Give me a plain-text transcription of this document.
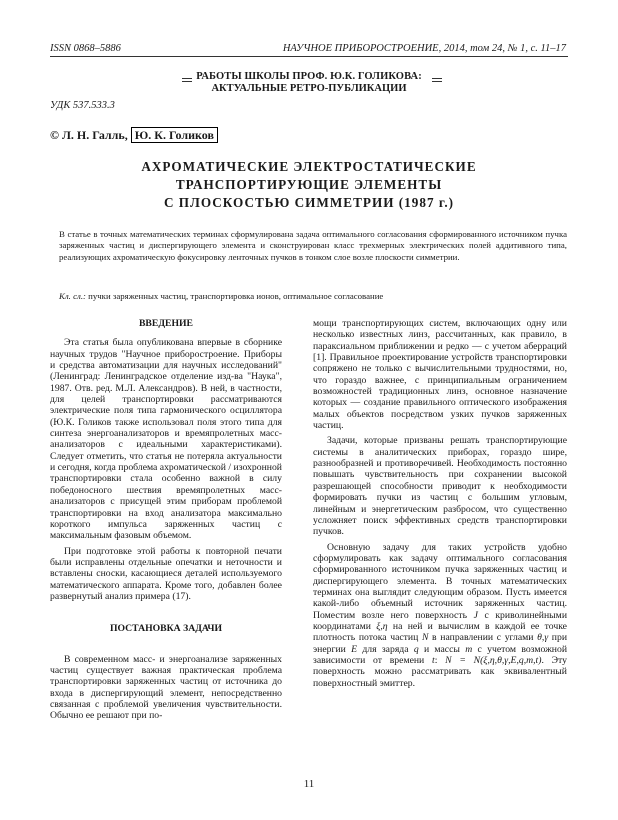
ISSN 0868–5886	НАУЧНОЕ ПРИБОРОСТРОЕНИЕ, 2014, том 24, № 1, с. 11–17
РАБОТЫ ШКОЛЫ ПРОФ. Ю.К. ГОЛИКОВА:
АКТУАЛЬНЫЕ РЕТРО-ПУБЛИКАЦИИ
УДК 537.533.3
© Л. Н. Галль, Ю. К. Голиков
АХРОМАТИЧЕСКИЕ ЭЛЕКТРОСТАТИЧЕСКИЕ
ТРАНСПОРТИРУЮЩИЕ ЭЛЕМЕНТЫ
С ПЛОСКОСТЬЮ СИММЕТРИИ (1987 г.)
В статье в точных математических терминах сформулирована задача оптимального согласования сформированного источником пучка заряженных частиц и диспергирующего элемента и сконструирован класс трехмерных электрических полей аддитивного типа, реализующих ахроматическую фокусировку ленточных пучков в тонком слое возле плоскости симметрии.
Кл. сл.: пучки заряженных частиц, транспортировка ионов, оптимальное согласование

ВВЕДЕНИЕ

Эта статья была опубликована впервые в сборнике научных трудов "Научное приборостроение. Приборы и средства автоматизации для научных исследований" (Ленинград: Ленинградское отделение изд-ва "Наука", 1987. Отв. ред. М.Л. Александров). В ней, в частности, для целей транспортировки рассматриваются электрические поля типа гармонического осциллятора (Ю.К. Голиков также использовал поля этого типа для синтеза энергоанализаторов и времяпролетных масс-анализаторов с идеальными характеристиками). Следует отметить, что статья не потеряла актуальности и сегодня, когда проблема ахроматической / изохронной транспортировки стала особенно важной в силу победоносного шествия времяпролетных масс-анализаторов с присущей этим приборам проблемой транспортировки на вход анализатора максимально короткого импульса заряженных частиц с максимальным фазовым объемом.

При подготовке этой работы к повторной печати были исправлены отдельные опечатки и неточности и вставлены сноски, касающиеся деталей используемого математического аппарата. Кроме того, добавлен более развернутый анализ примера (17).

ПОСТАНОВКА ЗАДАЧИ

В современном масс- и энергоанализе заряженных частиц существует важная практическая проблема транспортировки заряженных частиц от источника до входа в диспергирующий элемент, непосредственно связанная с проблемой увеличения чувствительности. Обычно ее решают при по-

мощи транспортирующих систем, включающих одну или несколько известных линз, рассчитанных, как правило, в параксиальном приближении и редко — с учетом аберраций [1]. Правильное проектирование устройств транспортировки сопряжено не только с вычислительными трудностями, но, что гораздо важнее, с принципиальным ограничением возможностей традиционных линз, основное назначение которых — создание правильного оптического изображения малых объектов посредством узких пучков заряженных частиц.

Задачи, которые призваны решать транспортирующие системы в аналитических приборах, гораздо шире, разнообразней и противоречивей. Необходимость постоянно повышать чувствительность при сохранении высокой разрешающей способности приводит к необходимости формировать пучки из частиц с большим угловым, линейным и энергетическим разбросом, что существенно усложняет поиск эффективных средств транспортировки пучков.

Основную задачу для таких устройств удобно сформулировать как задачу оптимального согласования сформированного источником пучка заряженных частиц и диспергирующего элемента. В точных математических терминах она выглядит следующим образом. Пусть имеется какой-либо объемный источник заряженных частиц. Поместим возле него поверхность J с криволинейными координатами ξ,η на ней и вычислим в каждой ее точке плотность потока частиц N в направлении с углами θ,γ при энергии E для заряда q и массы m с учетом возможной зависимости от времени t: N = N(ξ,η,θ,γ,E,q,m,t). Эту поверхность можно рассматривать как эквивалентный поверхностный эмиттер.

11
